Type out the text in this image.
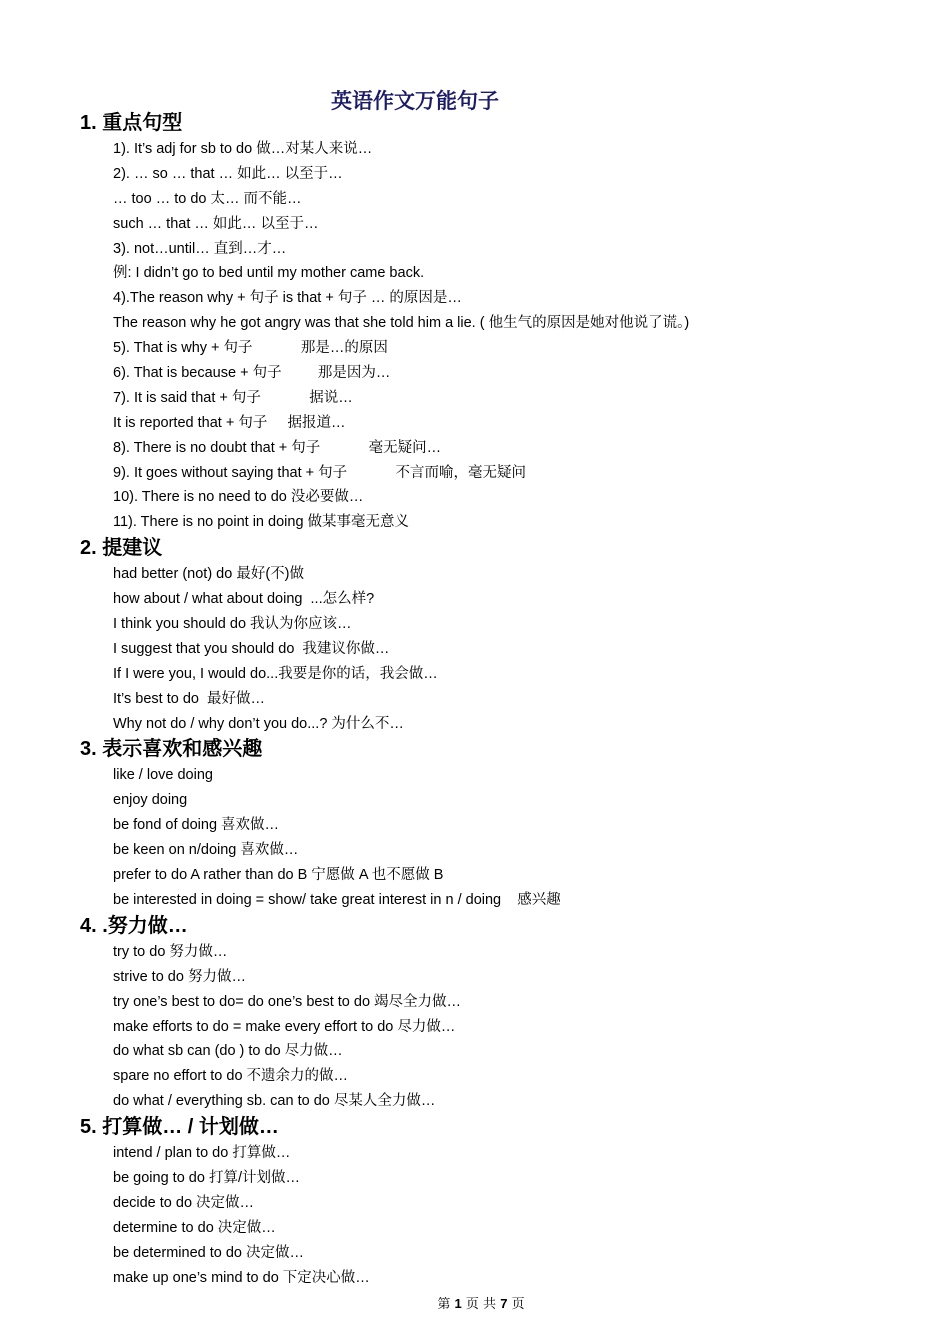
英语作文万能句子
1. 重点句型
1). It’s adj for sb to do 做…对某人来说…
2). … so … that … 如此… 以至于…
… too … to do 太… 而不能…
such … that … 如此… 以至于…
3). not…until… 直到…才…
例: I didn’t go to bed until my mother came back.
4).The reason why + 句子 is that + 句子 … 的原因是…
The reason why he got angry was that she told him a lie. ( 他生气的原因是她对他说了谎。)
5). That is why + 句子            那是…的原因
6). That is because + 句子         那是因为…
7). It is said that + 句子            据说…
It is reported that + 句子     据报道…
8). There is no doubt that + 句子            毫无疑问…
9). It goes without saying that + 句子            不言而喻，毫无疑问
10). There is no need to do 没必要做…
11). There is no point in doing 做某事毫无意义
2. 提建议
had better (not) do 最好(不)做
how about / what about doing  ...怎么样?
I think you should do 我认为你应该…
I suggest that you should do  我建议你做…
If I were you, I would do...我要是你的话，我会做…
It’s best to do  最好做…
Why not do / why don’t you do...? 为什么不…
3. 表示喜欢和感兴趣
like / love doing
enjoy doing
be fond of doing 喜欢做…
be keen on n/doing 喜欢做…
prefer to do A rather than do B 宁愿做 A 也不愿做 B
be interested in doing = show/ take great interest in n / doing    感兴趣
4. .努力做…
try to do 努力做…
strive to do 努力做…
try one’s best to do= do one’s best to do 竭尽全力做…
make efforts to do = make every effort to do 尽力做…
do what sb can (do ) to do 尽力做…
spare no effort to do 不遗余力的做…
do what / everything sb. can to do 尽某人全力做…
5. 打算做… / 计划做…
intend / plan to do 打算做…
be going to do 打算/计划做…
decide to do 决定做…
determine to do 决定做…
be determined to do 决定做…
make up one’s mind to do 下定决心做…
第 1 页 共 7 页
